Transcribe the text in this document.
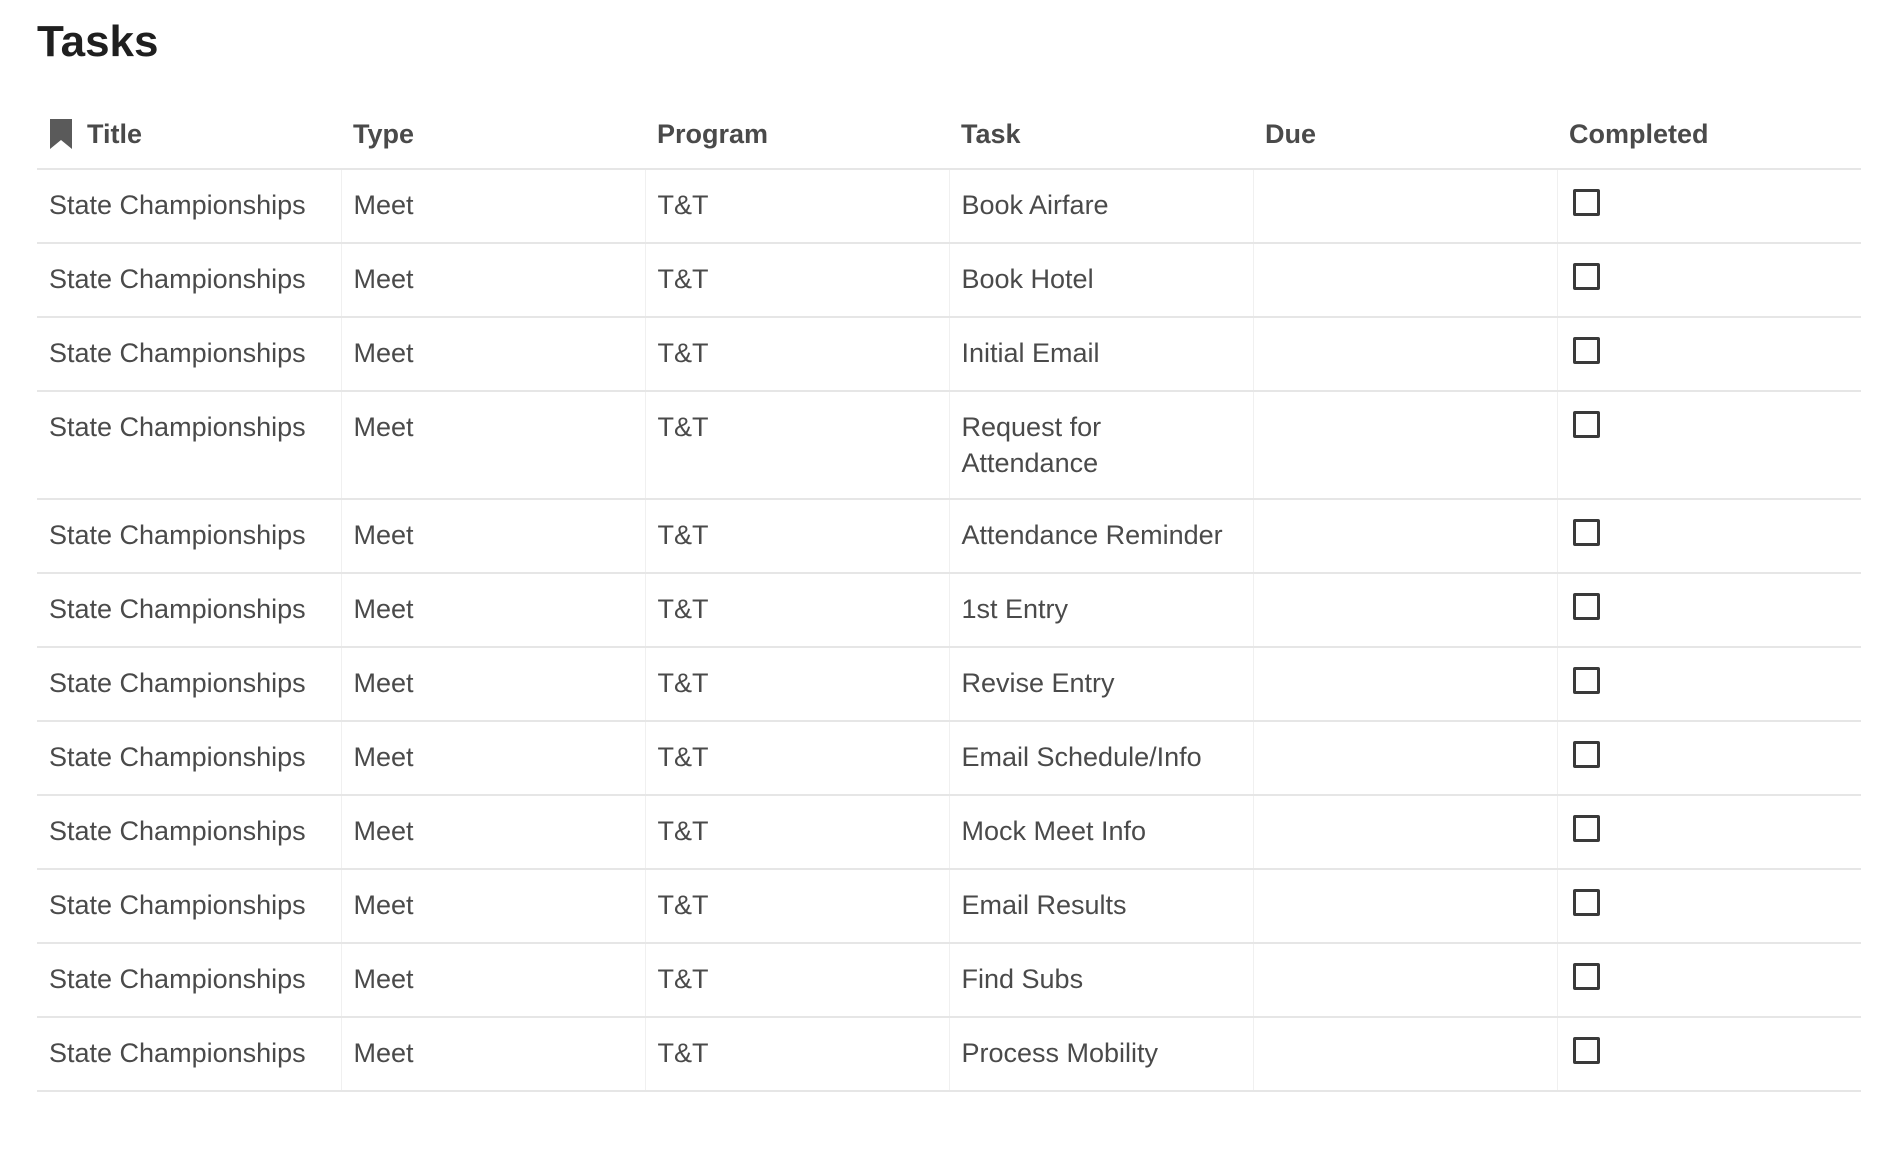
Tasks
Title	Type	Program	Task	Due	Completed
State Championships	Meet	T&T	Book Airfare		

State Championships	Meet	T&T	Book Hotel		

State Championships	Meet	T&T	Initial Email		

State Championships	Meet	T&T	Request for Attendance		

State Championships	Meet	T&T	Attendance Reminder		

State Championships	Meet	T&T	1st Entry		

State Championships	Meet	T&T	Revise Entry		

State Championships	Meet	T&T	Email Schedule/Info		

State Championships	Meet	T&T	Mock Meet Info		

State Championships	Meet	T&T	Email Results		

State Championships	Meet	T&T	Find Subs		

State Championships	Meet	T&T	Process Mobility		
